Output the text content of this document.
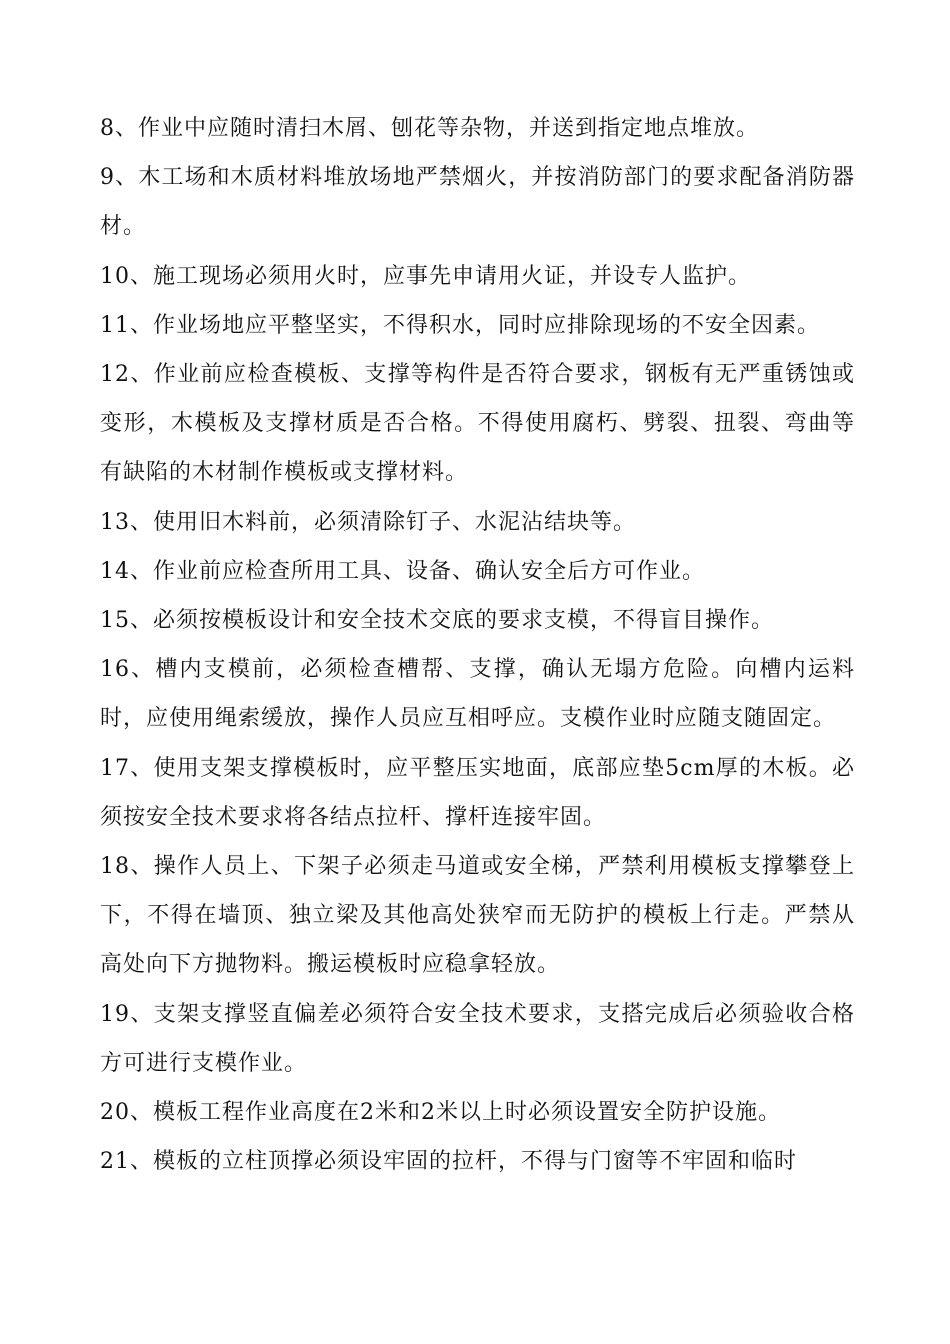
8、作业中应随时清扫木屑、刨花等杂物，并送到指定地点堆放。

9、木工场和木质材料堆放场地严禁烟火，并按消防部门的要求配备消防器材。

10、施工现场必须用火时，应事先申请用火证，并设专人监护。

11、作业场地应平整坚实，不得积水，同时应排除现场的不安全因素。

12、作业前应检查模板、支撑等构件是否符合要求，钢板有无严重锈蚀或变形，木模板及支撑材质是否合格。不得使用腐朽、劈裂、扭裂、弯曲等有缺陷的木材制作模板或支撑材料。

13、使用旧木料前，必须清除钉子、水泥沾结块等。

14、作业前应检查所用工具、设备、确认安全后方可作业。

15、必须按模板设计和安全技术交底的要求支模，不得盲目操作。

16、槽内支模前，必须检查槽帮、支撑，确认无塌方危险。向槽内运料时，应使用绳索缓放，操作人员应互相呼应。支模作业时应随支随固定。

17、使用支架支撑模板时，应平整压实地面，底部应垫5cm厚的木板。必须按安全技术要求将各结点拉杆、撑杆连接牢固。

18、操作人员上、下架子必须走马道或安全梯，严禁利用模板支撑攀登上下，不得在墙顶、独立梁及其他高处狭窄而无防护的模板上行走。严禁从高处向下方抛物料。搬运模板时应稳拿轻放。

19、支架支撑竖直偏差必须符合安全技术要求，支搭完成后必须验收合格方可进行支模作业。

20、模板工程作业高度在2米和2米以上时必须设置安全防护设施。

21、模板的立柱顶撑必须设牢固的拉杆，不得与门窗等不牢固和临时
